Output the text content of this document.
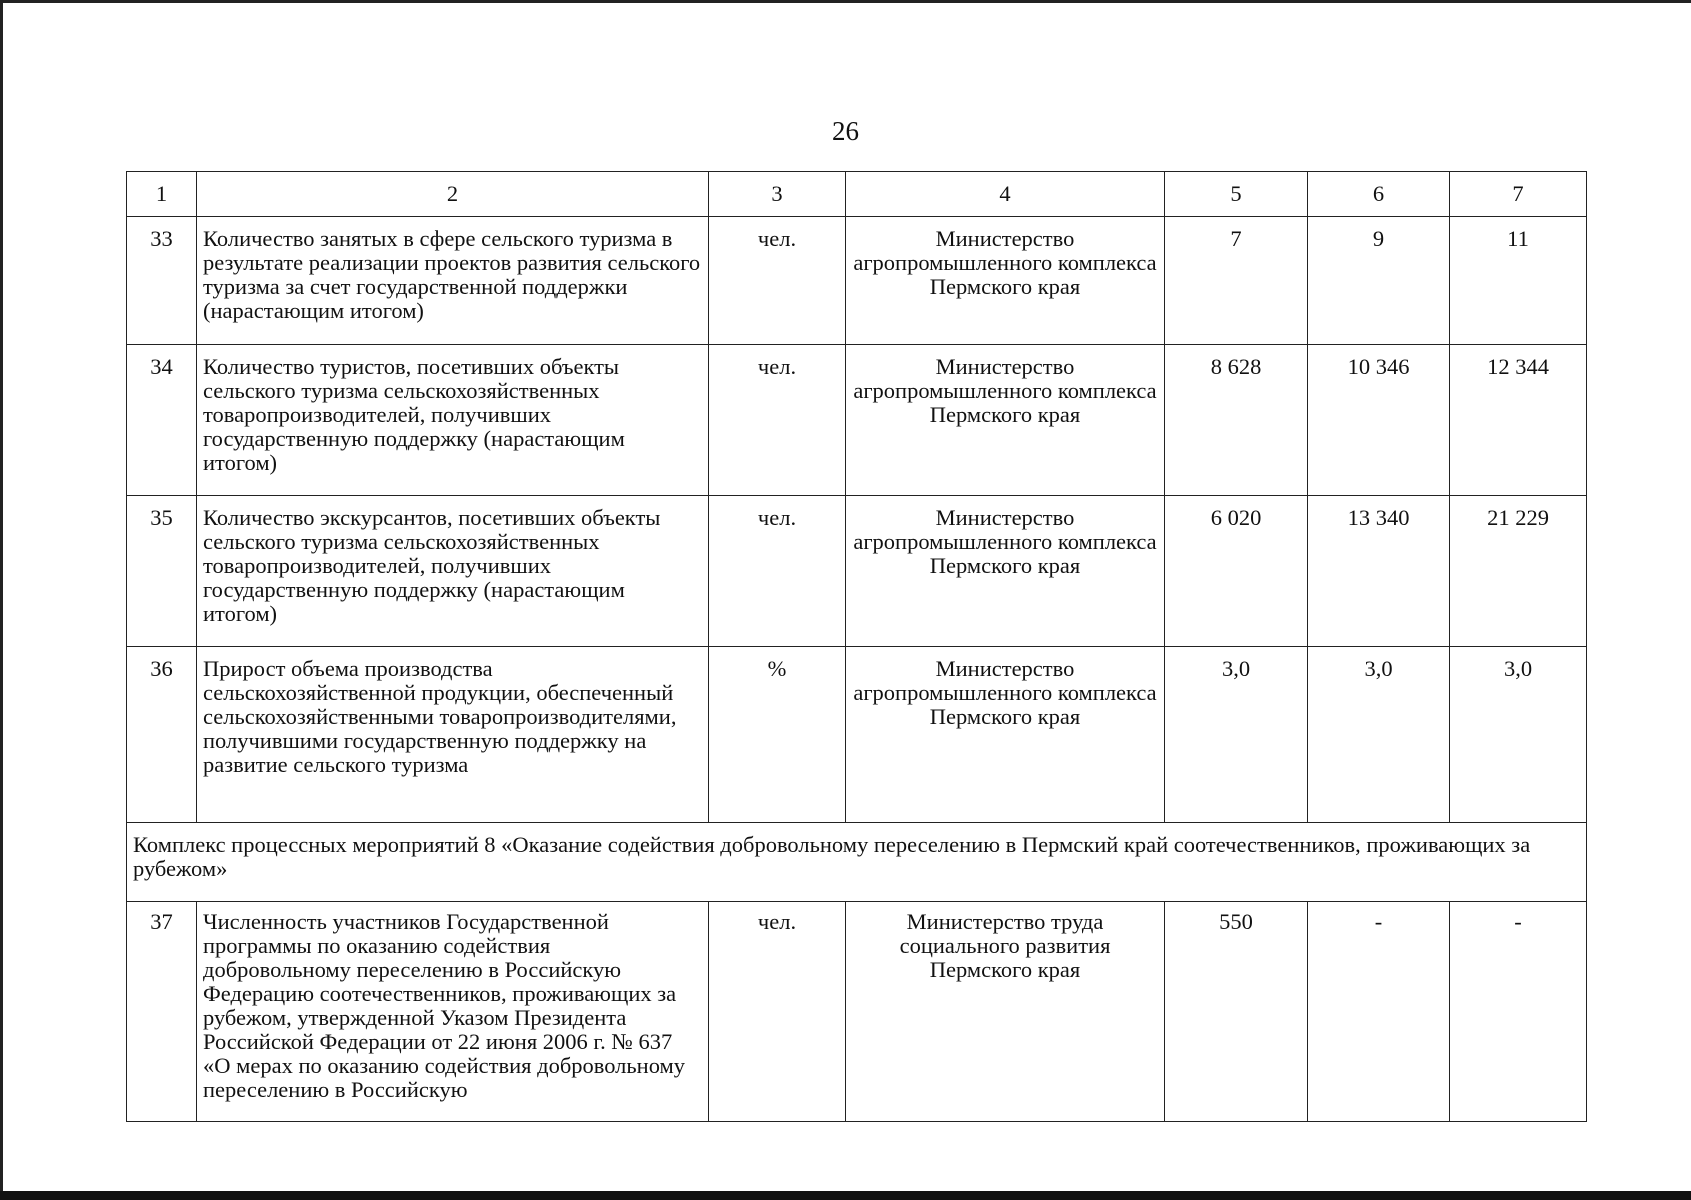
26
1	2	3	4	5	6	7
33	Количество занятых в сфере сельского туризма в результате реализации проектов развития сельского туризма за счет государственной поддержки (нарастающим итогом)	чел.	Министерство агропромышленного комплекса Пермского края	7	9	11
34	Количество туристов, посетивших объекты сельского туризма сельскохозяйственных товаропроизводителей, получивших государственную поддержку (нарастающим итогом)	чел.	Министерство агропромышленного комплекса Пермского края	8 628	10 346	12 344
35	Количество экскурсантов, посетивших объекты сельского туризма сельскохозяйственных товаропроизводителей, получивших государственную поддержку (нарастающим итогом)	чел.	Министерство агропромышленного комплекса Пермского края	6 020	13 340	21 229
36	Прирост объема производства сельскохозяйственной продукции, обеспеченный сельскохозяйственными товаропроизводителями, получившими государственную поддержку на развитие сельского туризма	%	Министерство агропромышленного комплекса Пермского края	3,0	3,0	3,0
Комплекс процессных мероприятий 8 «Оказание содействия добровольному переселению в Пермский край соотечественников, проживающих за рубежом»						
37	Численность участников Государственной программы по оказанию содействия добровольному переселению в Российскую Федерацию соотечественников, проживающих за рубежом, утвержденной Указом Президента Российской Федерации от 22 июня 2006 г. № 637 «О мерах по оказанию содействия добровольному переселению в Российскую	чел.	Министерство труда социального развития Пермского края	550	-	-
